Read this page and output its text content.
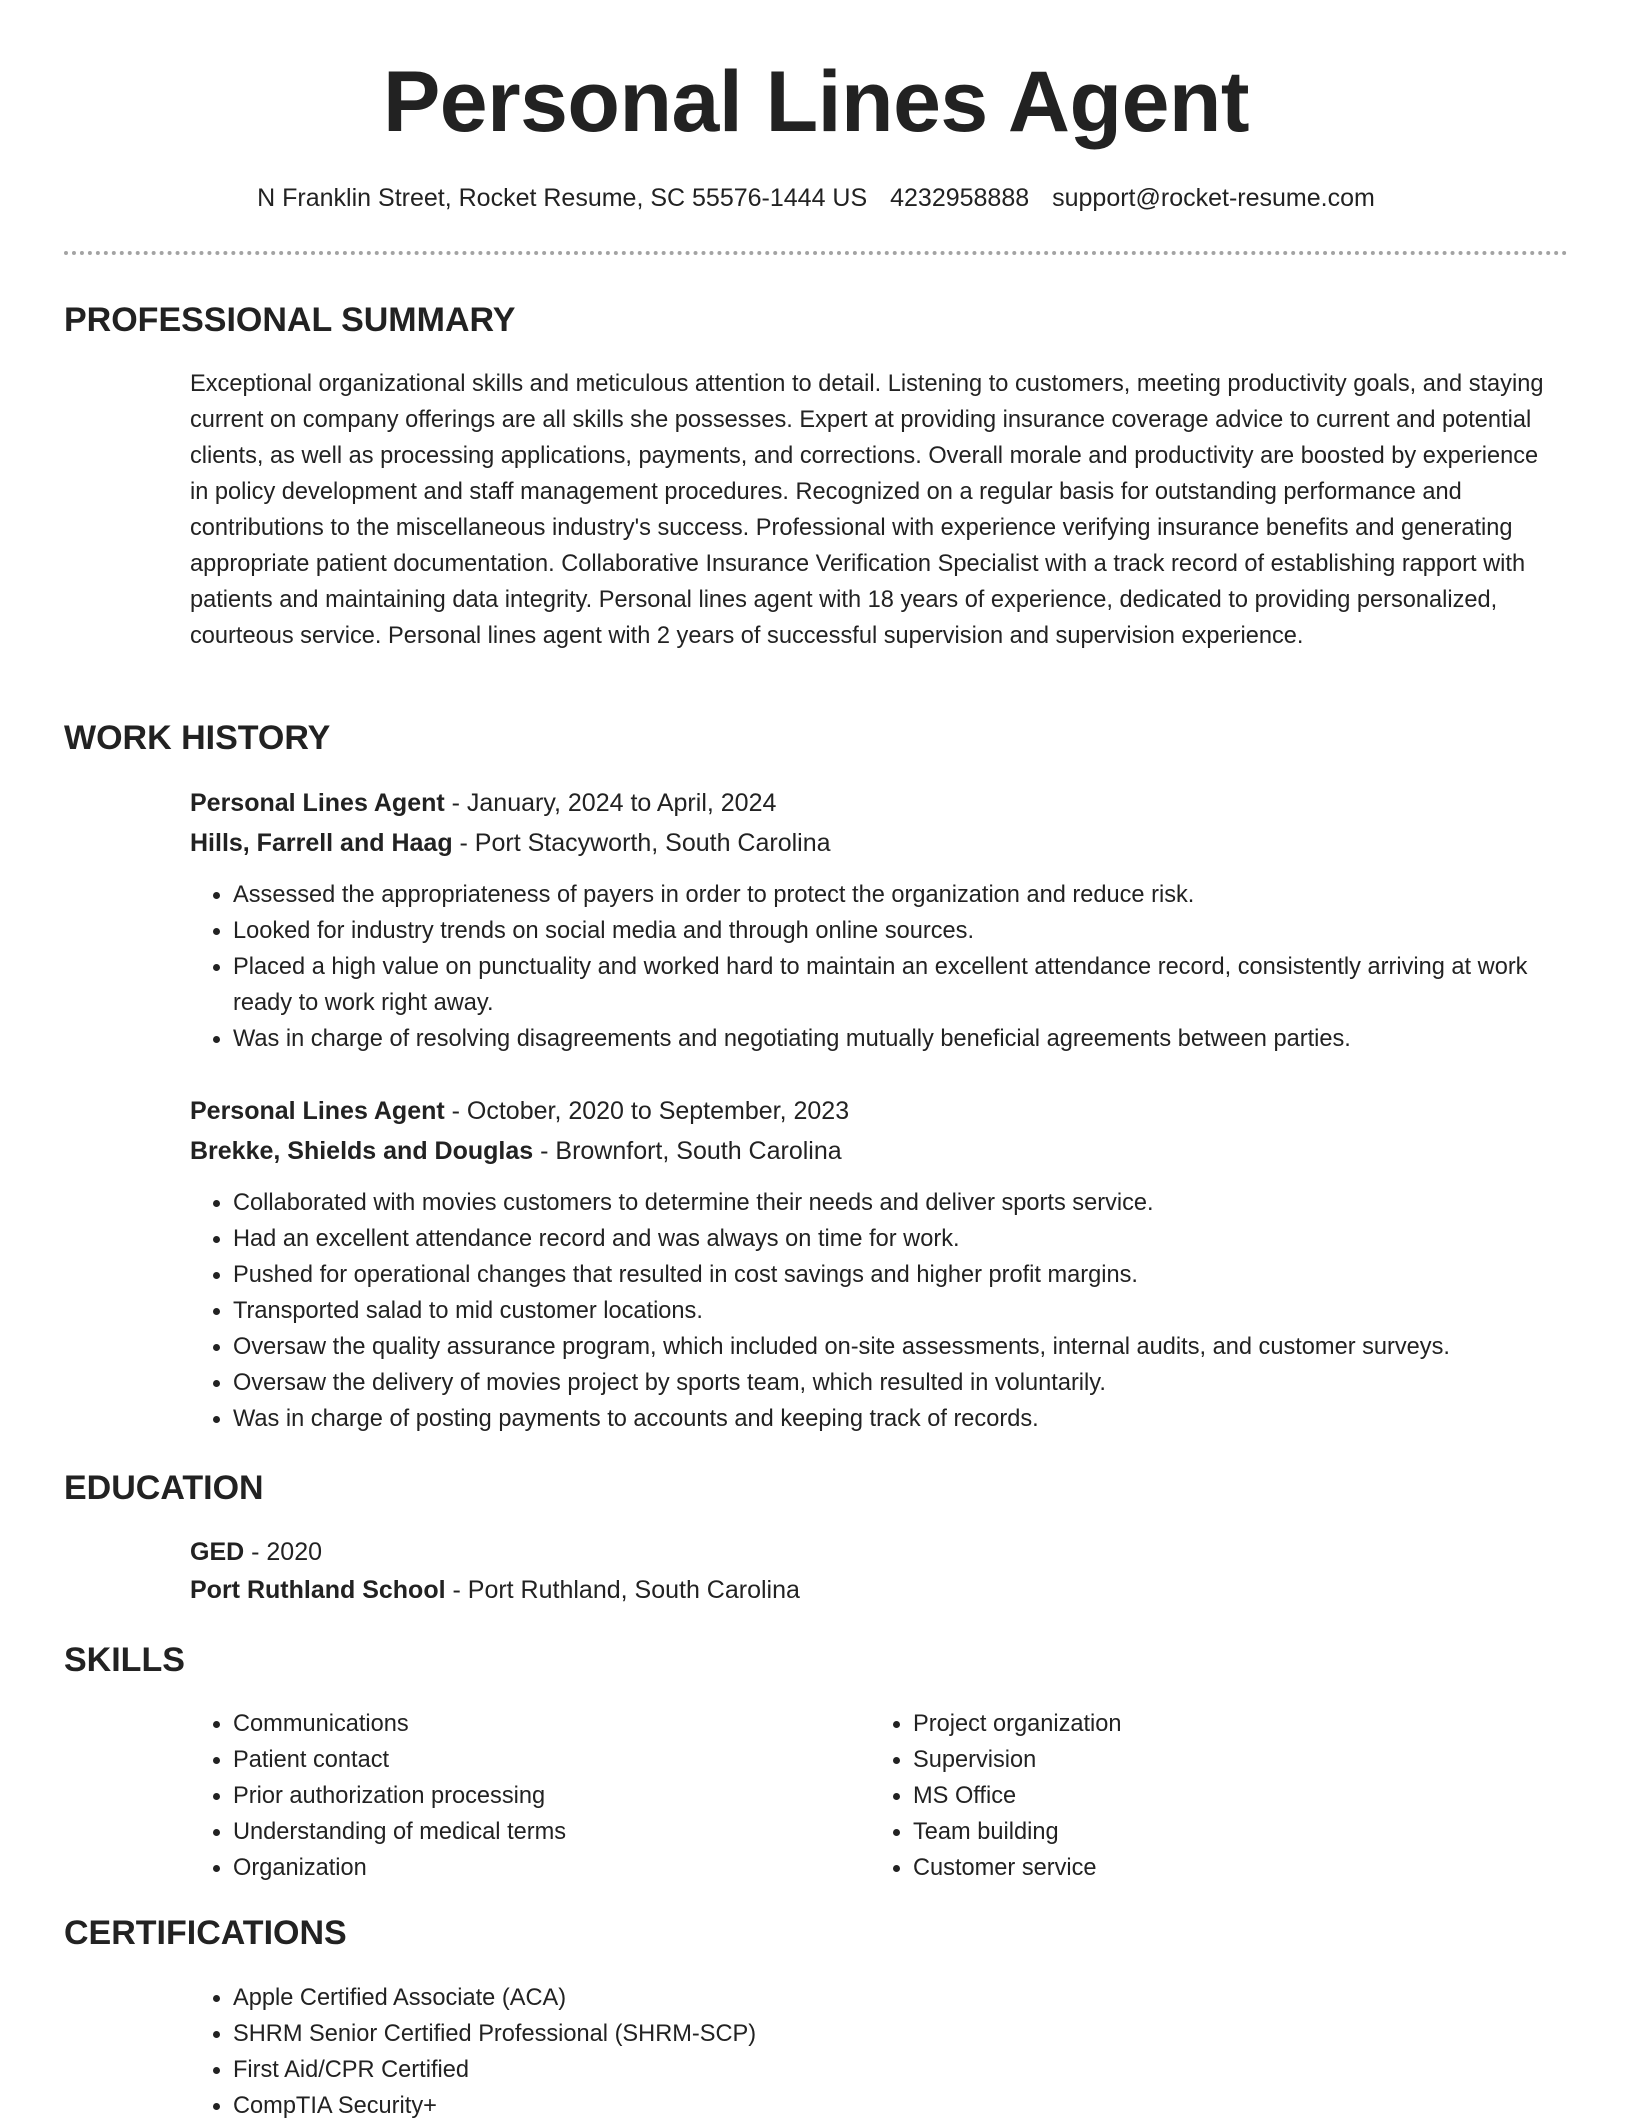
Personal Lines Agent
N Franklin Street, Rocket Resume, SC 55576-1444 US 4232958888 support@rocket-resume.com
PROFESSIONAL SUMMARY
Exceptional organizational skills and meticulous attention to detail. Listening to customers, meeting productivity goals, and staying current on company offerings are all skills she possesses. Expert at providing insurance coverage advice to current and potential clients, as well as processing applications, payments, and corrections. Overall morale and productivity are boosted by experience in policy development and staff management procedures. Recognized on a regular basis for outstanding performance and contributions to the miscellaneous industry's success. Professional with experience verifying insurance benefits and generating appropriate patient documentation. Collaborative Insurance Verification Specialist with a track record of establishing rapport with patients and maintaining data integrity. Personal lines agent with 18 years of experience, dedicated to providing personalized, courteous service. Personal lines agent with 2 years of successful supervision and supervision experience.
WORK HISTORY
Personal Lines Agent - January, 2024 to April, 2024
Hills, Farrell and Haag - Port Stacyworth, South Carolina
• Assessed the appropriateness of payers in order to protect the organization and reduce risk.
• Looked for industry trends on social media and through online sources.
• Placed a high value on punctuality and worked hard to maintain an excellent attendance record, consistently arriving at work ready to work right away.
• Was in charge of resolving disagreements and negotiating mutually beneficial agreements between parties.
Personal Lines Agent - October, 2020 to September, 2023
Brekke, Shields and Douglas - Brownfort, South Carolina
• Collaborated with movies customers to determine their needs and deliver sports service.
• Had an excellent attendance record and was always on time for work.
• Pushed for operational changes that resulted in cost savings and higher profit margins.
• Transported salad to mid customer locations.
• Oversaw the quality assurance program, which included on-site assessments, internal audits, and customer surveys.
• Oversaw the delivery of movies project by sports team, which resulted in voluntarily.
• Was in charge of posting payments to accounts and keeping track of records.
EDUCATION
GED - 2020
Port Ruthland School - Port Ruthland, South Carolina
SKILLS
• Communications
• Patient contact
• Prior authorization processing
• Understanding of medical terms
• Organization
• Project organization
• Supervision
• MS Office
• Team building
• Customer service
CERTIFICATIONS
• Apple Certified Associate (ACA)
• SHRM Senior Certified Professional (SHRM-SCP)
• First Aid/CPR Certified
• CompTIA Security+
